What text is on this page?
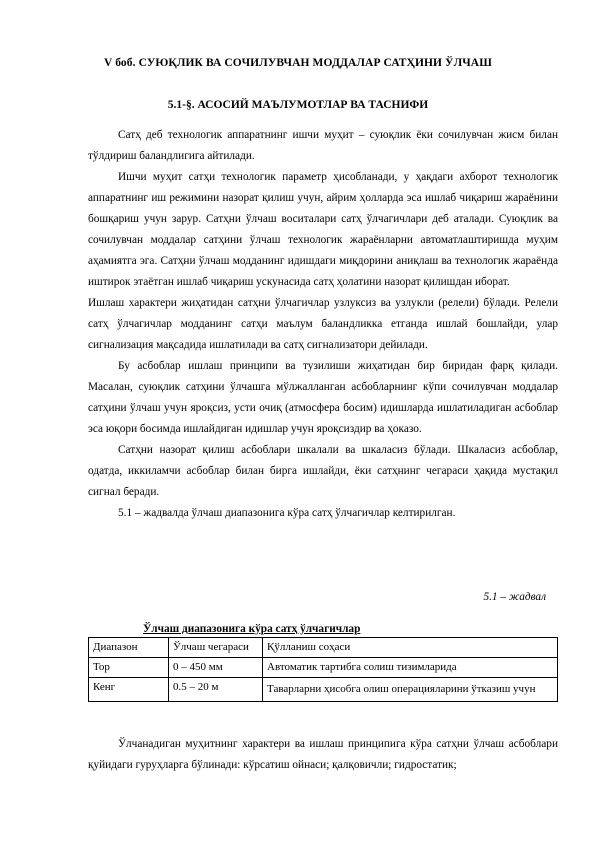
V боб. СУЮҚЛИК ВА СОЧИЛУВЧАН МОДДАЛАР САТҲИНИ ЎЛЧАШ
5.1-§. АСОСИЙ МАЪЛУМОТЛАР ВА ТАСНИФИ

Сатҳ деб технологик аппаратнинг ишчи муҳит – суюқлик ёки сочилувчан жисм билан тўлдириш баландлигига айтилади.

Ишчи муҳит сатҳи технологик параметр ҳисобланади, у ҳақдаги ахборот технологик аппаратнинг иш режимини назорат қилиш учун, айрим ҳолларда эса ишлаб чиқариш жараёнини бошқариш учун зарур. Сатҳни ўлчаш воситалари сатҳ ўлчагичлари деб аталади. Суюқлик ва сочилувчан моддалар сатҳини ўлчаш технологик жараёнларни автоматлаштиришда муҳим аҳамиятга эга. Сатҳни ўлчаш модданинг идишдаги миқдорини аниқлаш ва технологик жараёнда иштирок этаётган ишлаб чиқариш ускунасида сатҳ ҳолатини назорат қилишдан иборат.

Ишлаш характери жиҳатидан сатҳни ўлчагичлар узлуксиз ва узлукли (релели) бўлади. Релели сатҳ ўлчагичлар модданинг сатҳи маълум баландликка етганда ишлай бошлайди, улар сигнализация мақсадида ишлатилади ва сатҳ сигнализатори дейилади.

Бу асбоблар ишлаш принципи ва тузилиши жиҳатидан бир биридан фарқ қилади. Масалан, суюқлик сатҳини ўлчашга мўлжалланган асбобларнинг кўпи сочилувчан моддалар сатҳини ўлчаш учун яроқсиз, усти очиқ (атмосфера босим) идишларда ишлатиладиган асбоблар эса юқори босимда ишлайдиган идишлар учун яроқсиздир ва ҳоказо.

Сатҳни назорат қилиш асбоблари шкалали ва шкаласиз бўлади. Шкаласиз асбоблар, одатда, иккиламчи асбоблар билан бирга ишлайди, ёки сатҳнинг чегараси ҳақида мустақил сигнал беради.

5.1 – жадвалда ўлчаш диапазонига кўра сатҳ ўлчагичлар келтирилган.

5.1 – жадвал
Ўлчаш диапазонига кўра сатҳ ўлчагичлар
Диапазон	Ўлчаш чегараси	Қўлланиш соҳаси
Тор	0 – 450 мм	Автоматик тартибга солиш тизимларида
Кенг	0.5 – 20 м	Таварларни ҳисобга олиш операцияларини ўтказиш учун

Ўлчанадиган муҳитнинг характери ва ишлаш принципига кўра сатҳни ўлчаш асбоблари қуйидаги гуруҳларга бўлинади: кўрсатиш ойнаси; қалқовичли; гидростатик;
